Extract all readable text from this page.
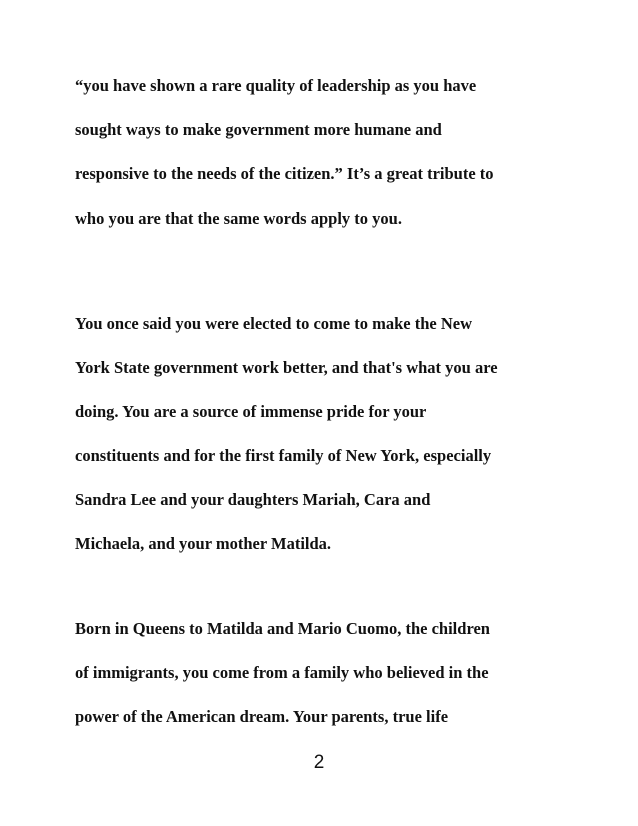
“you have shown a rare quality of leadership as you have

sought ways to make government more humane and

responsive to the needs of the citizen.” It’s a great tribute to

who you are that the same words apply to you.

You once said you were elected to come to make the New

York State government work better, and that's what you are

doing. You are a source of immense pride for your

constituents and for the first family of New York, especially

Sandra Lee and your daughters Mariah, Cara and

Michaela, and your mother Matilda.

Born in Queens to Matilda and Mario Cuomo, the children

of immigrants, you come from a family who believed in the

power of the American dream. Your parents, true life

2
